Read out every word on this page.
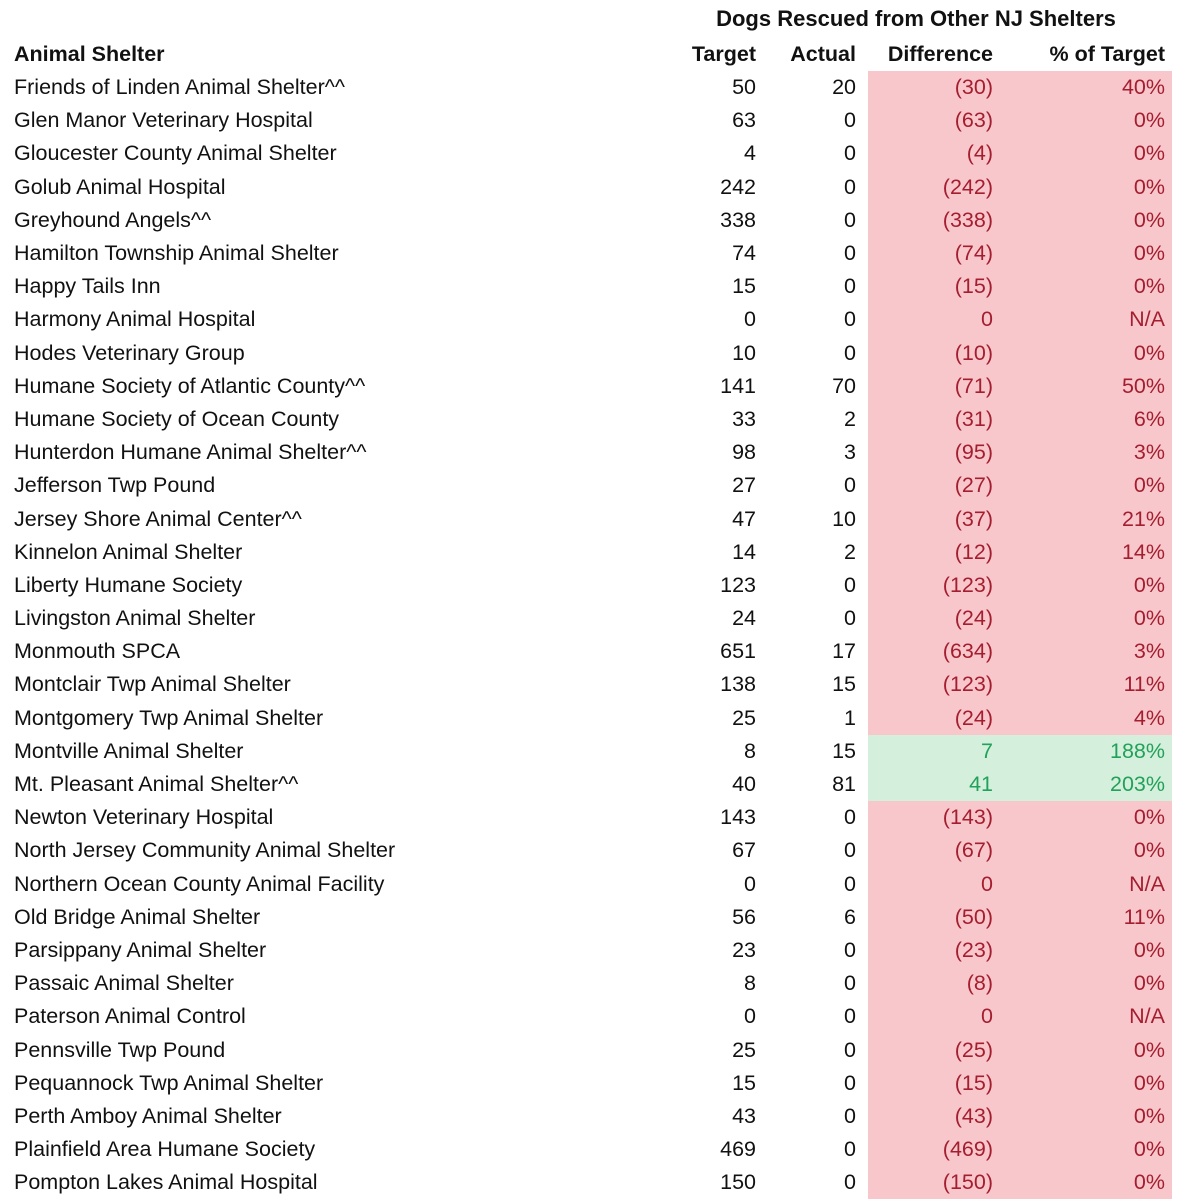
Dogs Rescued from Other NJ Shelters
Animal Shelter	Target	Actual	Difference	% of Target
Friends of Linden Animal Shelter^^	50	20	(30)	40%
Glen Manor Veterinary Hospital	63	0	(63)	0%
Gloucester County Animal Shelter	4	0	(4)	0%
Golub Animal Hospital	242	0	(242)	0%
Greyhound Angels^^	338	0	(338)	0%
Hamilton Township Animal Shelter	74	0	(74)	0%
Happy Tails Inn	15	0	(15)	0%
Harmony Animal Hospital	0	0	0	N/A
Hodes Veterinary Group	10	0	(10)	0%
Humane Society of Atlantic County^^	141	70	(71)	50%
Humane Society of Ocean County	33	2	(31)	6%
Hunterdon Humane Animal Shelter^^	98	3	(95)	3%
Jefferson Twp Pound	27	0	(27)	0%
Jersey Shore Animal Center^^	47	10	(37)	21%
Kinnelon Animal Shelter	14	2	(12)	14%
Liberty Humane Society	123	0	(123)	0%
Livingston Animal Shelter	24	0	(24)	0%
Monmouth SPCA	651	17	(634)	3%
Montclair Twp Animal Shelter	138	15	(123)	11%
Montgomery Twp Animal Shelter	25	1	(24)	4%
Montville Animal Shelter	8	15	7	188%
Mt. Pleasant Animal Shelter^^	40	81	41	203%
Newton Veterinary Hospital	143	0	(143)	0%
North Jersey Community Animal Shelter	67	0	(67)	0%
Northern Ocean County Animal Facility	0	0	0	N/A
Old Bridge Animal Shelter	56	6	(50)	11%
Parsippany Animal Shelter	23	0	(23)	0%
Passaic Animal Shelter	8	0	(8)	0%
Paterson Animal Control	0	0	0	N/A
Pennsville Twp Pound	25	0	(25)	0%
Pequannock Twp Animal Shelter	15	0	(15)	0%
Perth Amboy Animal Shelter	43	0	(43)	0%
Plainfield Area Humane Society	469	0	(469)	0%
Pompton Lakes Animal Hospital	150	0	(150)	0%
